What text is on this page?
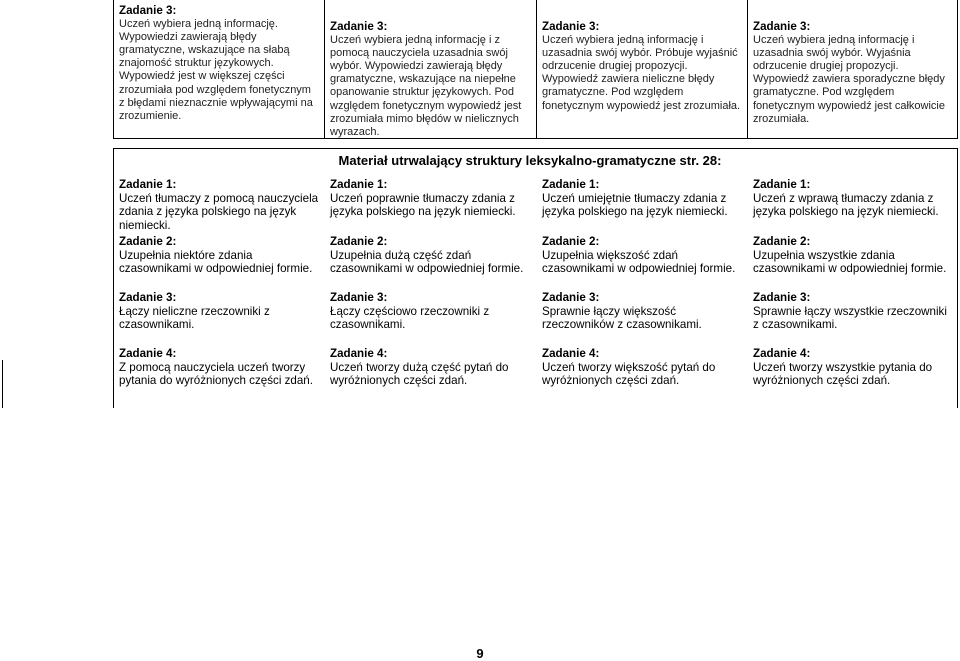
Zadanie 3:
Uczeń wybiera jedną informację. Wypowiedzi zawierają błędy gramatyczne, wskazujące na słabą znajomość struktur językowych. Wypowiedź jest w większej części zrozumiała pod względem fonetycznym z błędami nieznacznie wpływającymi na zrozumienie.
Zadanie 3:
Uczeń wybiera jedną informację i z pomocą nauczyciela uzasadnia swój wybór. Wypowiedzi zawierają błędy gramatyczne, wskazujące na niepełne opanowanie struktur językowych. Pod względem fonetycznym wypowiedź jest zrozumiała mimo błędów w nielicznych wyrazach.
Zadanie 3:
Uczeń wybiera jedną informację i uzasadnia swój wybór. Próbuje wyjaśnić odrzucenie drugiej propozycji. Wypowiedź zawiera nieliczne błędy gramatyczne. Pod względem fonetycznym wypowiedź jest zrozumiała.
Zadanie 3:
Uczeń wybiera jedną informację i uzasadnia swój wybór. Wyjaśnia odrzucenie drugiej propozycji. Wypowiedź zawiera sporadyczne błędy gramatyczne. Pod względem fonetycznym wypowiedź jest całkowicie zrozumiała.
Materiał utrwalający struktury leksykalno-gramatyczne str. 28:
Zadanie 1:
Uczeń tłumaczy z pomocą nauczyciela zdania z języka polskiego na język niemiecki.
Zadanie 2:
Uzupełnia niektóre zdania czasownikami w odpowiedniej formie.
Zadanie 3:
Łączy nieliczne rzeczowniki z czasownikami.
Zadanie 4:
Z pomocą nauczyciela uczeń tworzy pytania do wyróżnionych części zdań.
Zadanie 1:
Uczeń poprawnie tłumaczy zdania z języka polskiego na język niemiecki.
Zadanie 2:
Uzupełnia dużą część zdań czasownikami w odpowiedniej formie.
Zadanie 3:
Łączy częściowo rzeczowniki z czasownikami.
Zadanie 4:
Uczeń tworzy dużą część pytań do wyróżnionych części zdań.
Zadanie 1:
Uczeń umiejętnie tłumaczy zdania z języka polskiego na język niemiecki.
Zadanie 2:
Uzupełnia większość zdań czasownikami w odpowiedniej formie.
Zadanie 3:
Sprawnie łączy większość rzeczowników z czasownikami.
Zadanie 4:
Uczeń tworzy większość pytań do wyróżnionych części zdań.
Zadanie 1:
Uczeń z wprawą tłumaczy zdania z języka polskiego na język niemiecki.
Zadanie 2:
Uzupełnia wszystkie zdania czasownikami w odpowiedniej formie.
Zadanie 3:
Sprawnie łączy wszystkie rzeczowniki z czasownikami.
Zadanie 4:
Uczeń tworzy wszystkie pytania do wyróżnionych części zdań.
9
